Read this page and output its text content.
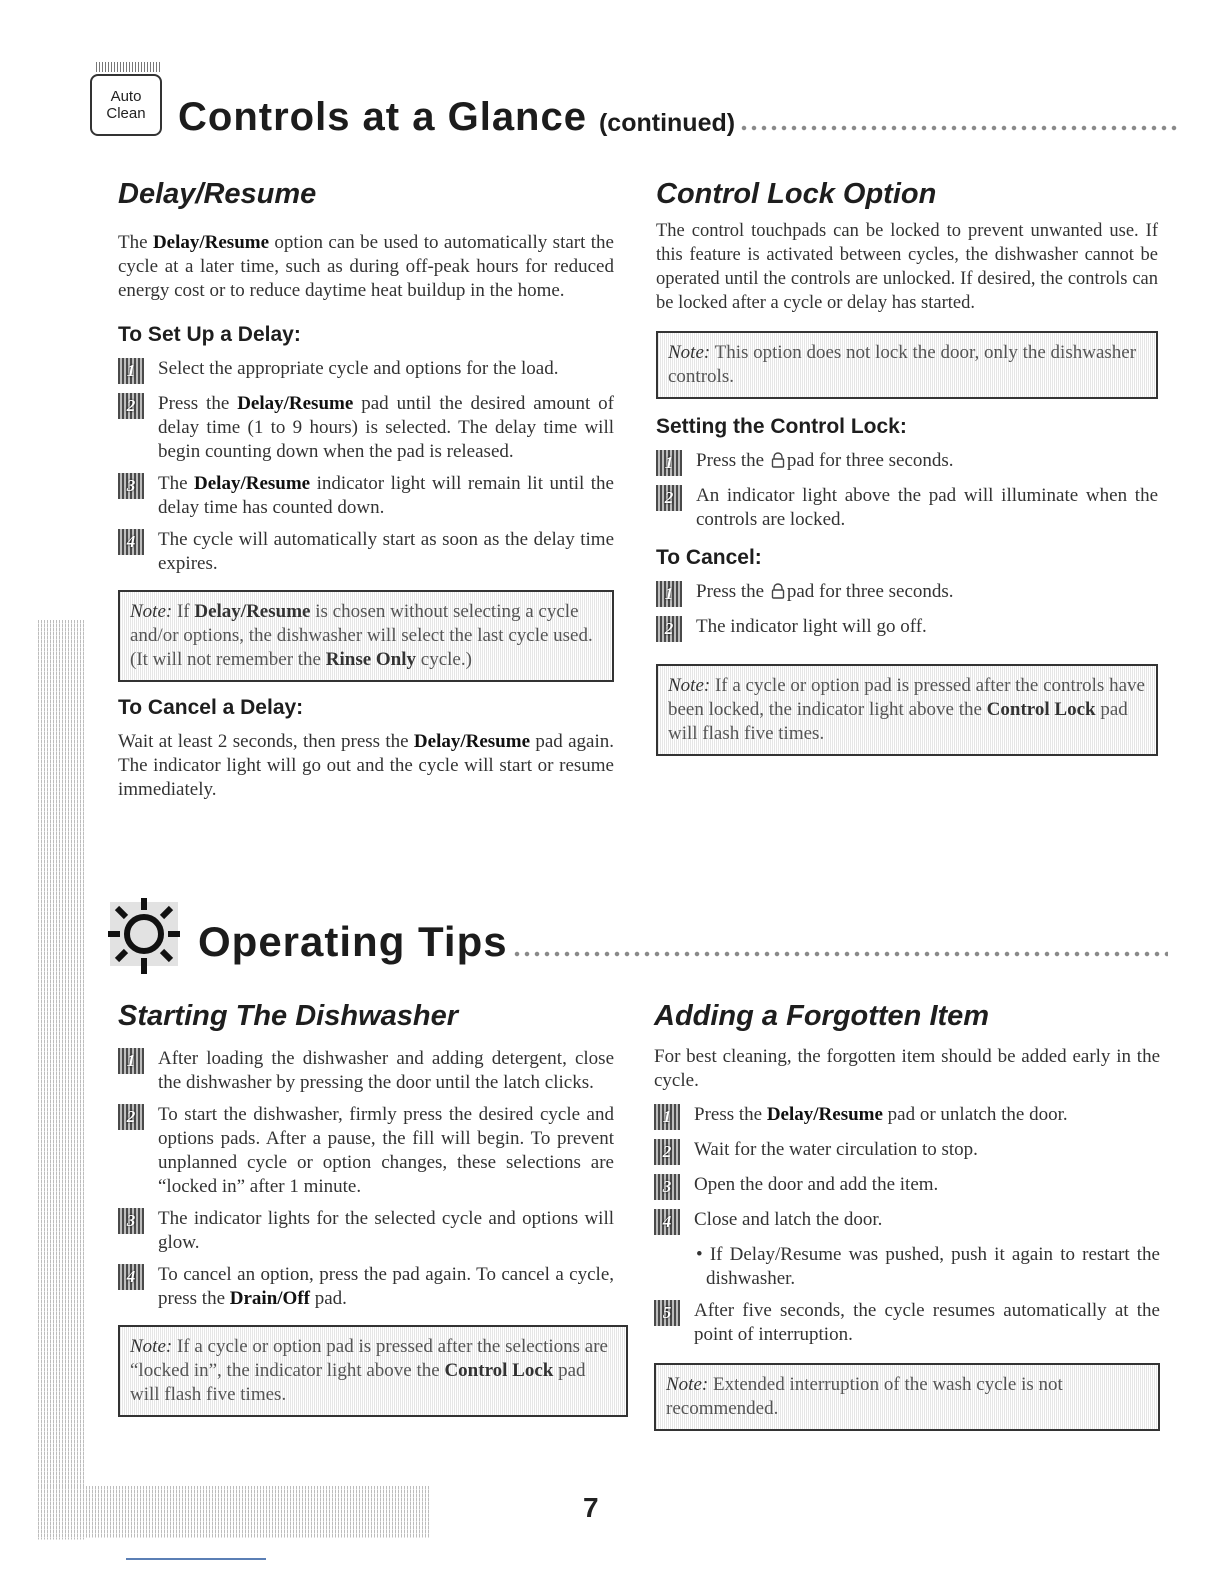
Auto
Clean Controls at a Glance (continued)
Delay/Resume

The Delay/Resume option can be used to automatically start the cycle at a later time, such as during off-peak hours for reduced energy cost or to reduce daytime heat buildup in the home.

To Set Up a Delay:
1	Select the appropriate cycle and options for the load.
2	Press the Delay/Resume pad until the desired amount of delay time (1 to 9 hours) is selected. The delay time will begin counting down when the pad is released.
3	The Delay/Resume indicator light will remain lit until the delay time has counted down.
4	The cycle will automatically start as soon as the delay time expires.
Note: If Delay/Resume is chosen without selecting a cycle and/or options, the dishwasher will select the last cycle used. (It will not remember the Rinse Only cycle.)
To Cancel a Delay:

Wait at least 2 seconds, then press the Delay/Resume pad again. The indicator light will go out and the cycle will start or resume immediately.

Control Lock Option

The control touchpads can be locked to prevent unwanted use. If this feature is activated between cycles, the dishwasher cannot be operated until the controls are unlocked. If desired, the controls can be locked after a cycle or delay has started.

Note: This option does not lock the door, only the dishwasher controls.
Setting the Control Lock:
1	Press the pad for three seconds.
2	An indicator light above the pad will illuminate when the controls are locked.
To Cancel:
1	Press the pad for three seconds.
2	The indicator light will go off.
Note: If a cycle or option pad is pressed after the controls have been locked, the indicator light above the Control Lock pad will flash five times.
Operating Tips
Starting The Dishwasher
1	After loading the dishwasher and adding detergent, close the dishwasher by pressing the door until the latch clicks.
2	To start the dishwasher, firmly press the desired cycle and options pads. After a pause, the fill will begin. To prevent unplanned cycle or option changes, these selections are “locked in” after 1 minute.
3	The indicator lights for the selected cycle and options will glow.
4	To cancel an option, press the pad again. To cancel a cycle, press the Drain/Off pad.
Note: If a cycle or option pad is pressed after the selections are “locked in”, the indicator light above the Control Lock pad will flash five times.
Adding a Forgotten Item

For best cleaning, the forgotten item should be added early in the cycle.

1	Press the Delay/Resume pad or unlatch the door.
2	Wait for the water circulation to stop.
3	Open the door and add the item.
4	Close and latch the door.
• If Delay/Resume was pushed, push it again to restart the dishwasher.
5	After five seconds, the cycle resumes automatically at the point of interruption.
Note: Extended interruption of the wash cycle is not recommended.
7
